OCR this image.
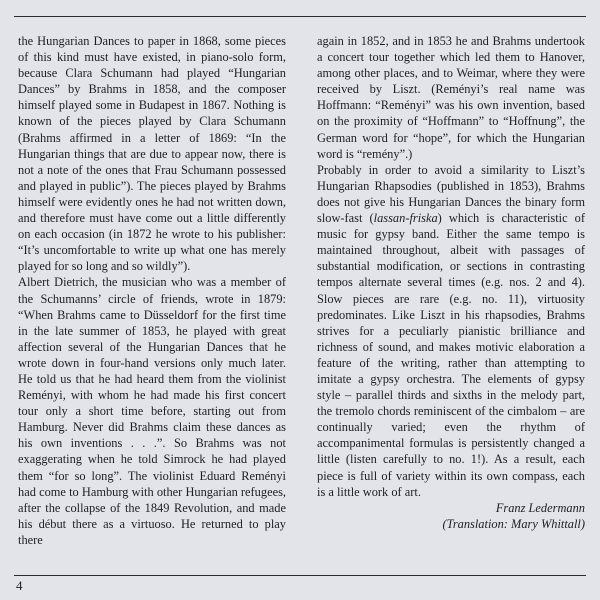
the Hungarian Dances to paper in 1868, some pieces of this kind must have existed, in piano-solo form, because Clara Schumann had played “Hungarian Dances” by Brahms in 1858, and the composer himself played some in Budapest in 1867. Nothing is known of the pieces played by Clara Schumann (Brahms affirmed in a letter of 1869: “In the Hungarian things that are due to appear now, there is not a note of the ones that Frau Schumann possessed and played in public”). The pieces played by Brahms himself were evidently ones he had not written down, and therefore must have come out a little differently on each occasion (in 1872 he wrote to his publisher: “It’s uncomfortable to write up what one has merely played for so long and so wildly”).

Albert Dietrich, the musician who was a member of the Schumanns’ circle of friends, wrote in 1879: “When Brahms came to Düsseldorf for the first time in the late summer of 1853, he played with great affection several of the Hungarian Dances that he wrote down in four-hand versions only much later. He told us that he had heard them from the violinist Reményi, with whom he had made his first concert tour only a short time before, starting out from Hamburg. Never did Brahms claim these dances as his own inventions . . .”. So Brahms was not exaggerating when he told Simrock he had played them “for so long”. The violinist Eduard Reményi had come to Hamburg with other Hungarian refugees, after the collapse of the 1849 Revolution, and made his début there as a virtuoso. He returned to play there

again in 1852, and in 1853 he and Brahms undertook a concert tour together which led them to Hanover, among other places, and to Weimar, where they were received by Liszt. (Reményi’s real name was Hoffmann: “Reményi” was his own invention, based on the proximity of “Hoffmann” to “Hoffnung”, the German word for “hope”, for which the Hungarian word is “remény”.)

Probably in order to avoid a similarity to Liszt’s Hungarian Rhapsodies (published in 1853), Brahms does not give his Hungarian Dances the binary form slow-fast (lassan-friska) which is characteristic of music for gypsy band. Either the same tempo is maintained throughout, albeit with passages of substantial modification, or sections in contrasting tempos alternate several times (e.g. nos. 2 and 4). Slow pieces are rare (e.g. no. 11), virtuosity predominates. Like Liszt in his rhapsodies, Brahms strives for a peculiarly pianistic brilliance and richness of sound, and makes motivic elaboration a feature of the writing, rather than attempting to imitate a gypsy orchestra. The elements of gypsy style – parallel thirds and sixths in the melody part, the tremolo chords reminiscent of the cimbalom – are continually varied; even the rhythm of accompanimental formulas is persistently changed a little (listen carefully to no. 1!). As a result, each piece is full of variety within its own compass, each is a little work of art.

Franz Ledermann

(Translation: Mary Whittall)

4
